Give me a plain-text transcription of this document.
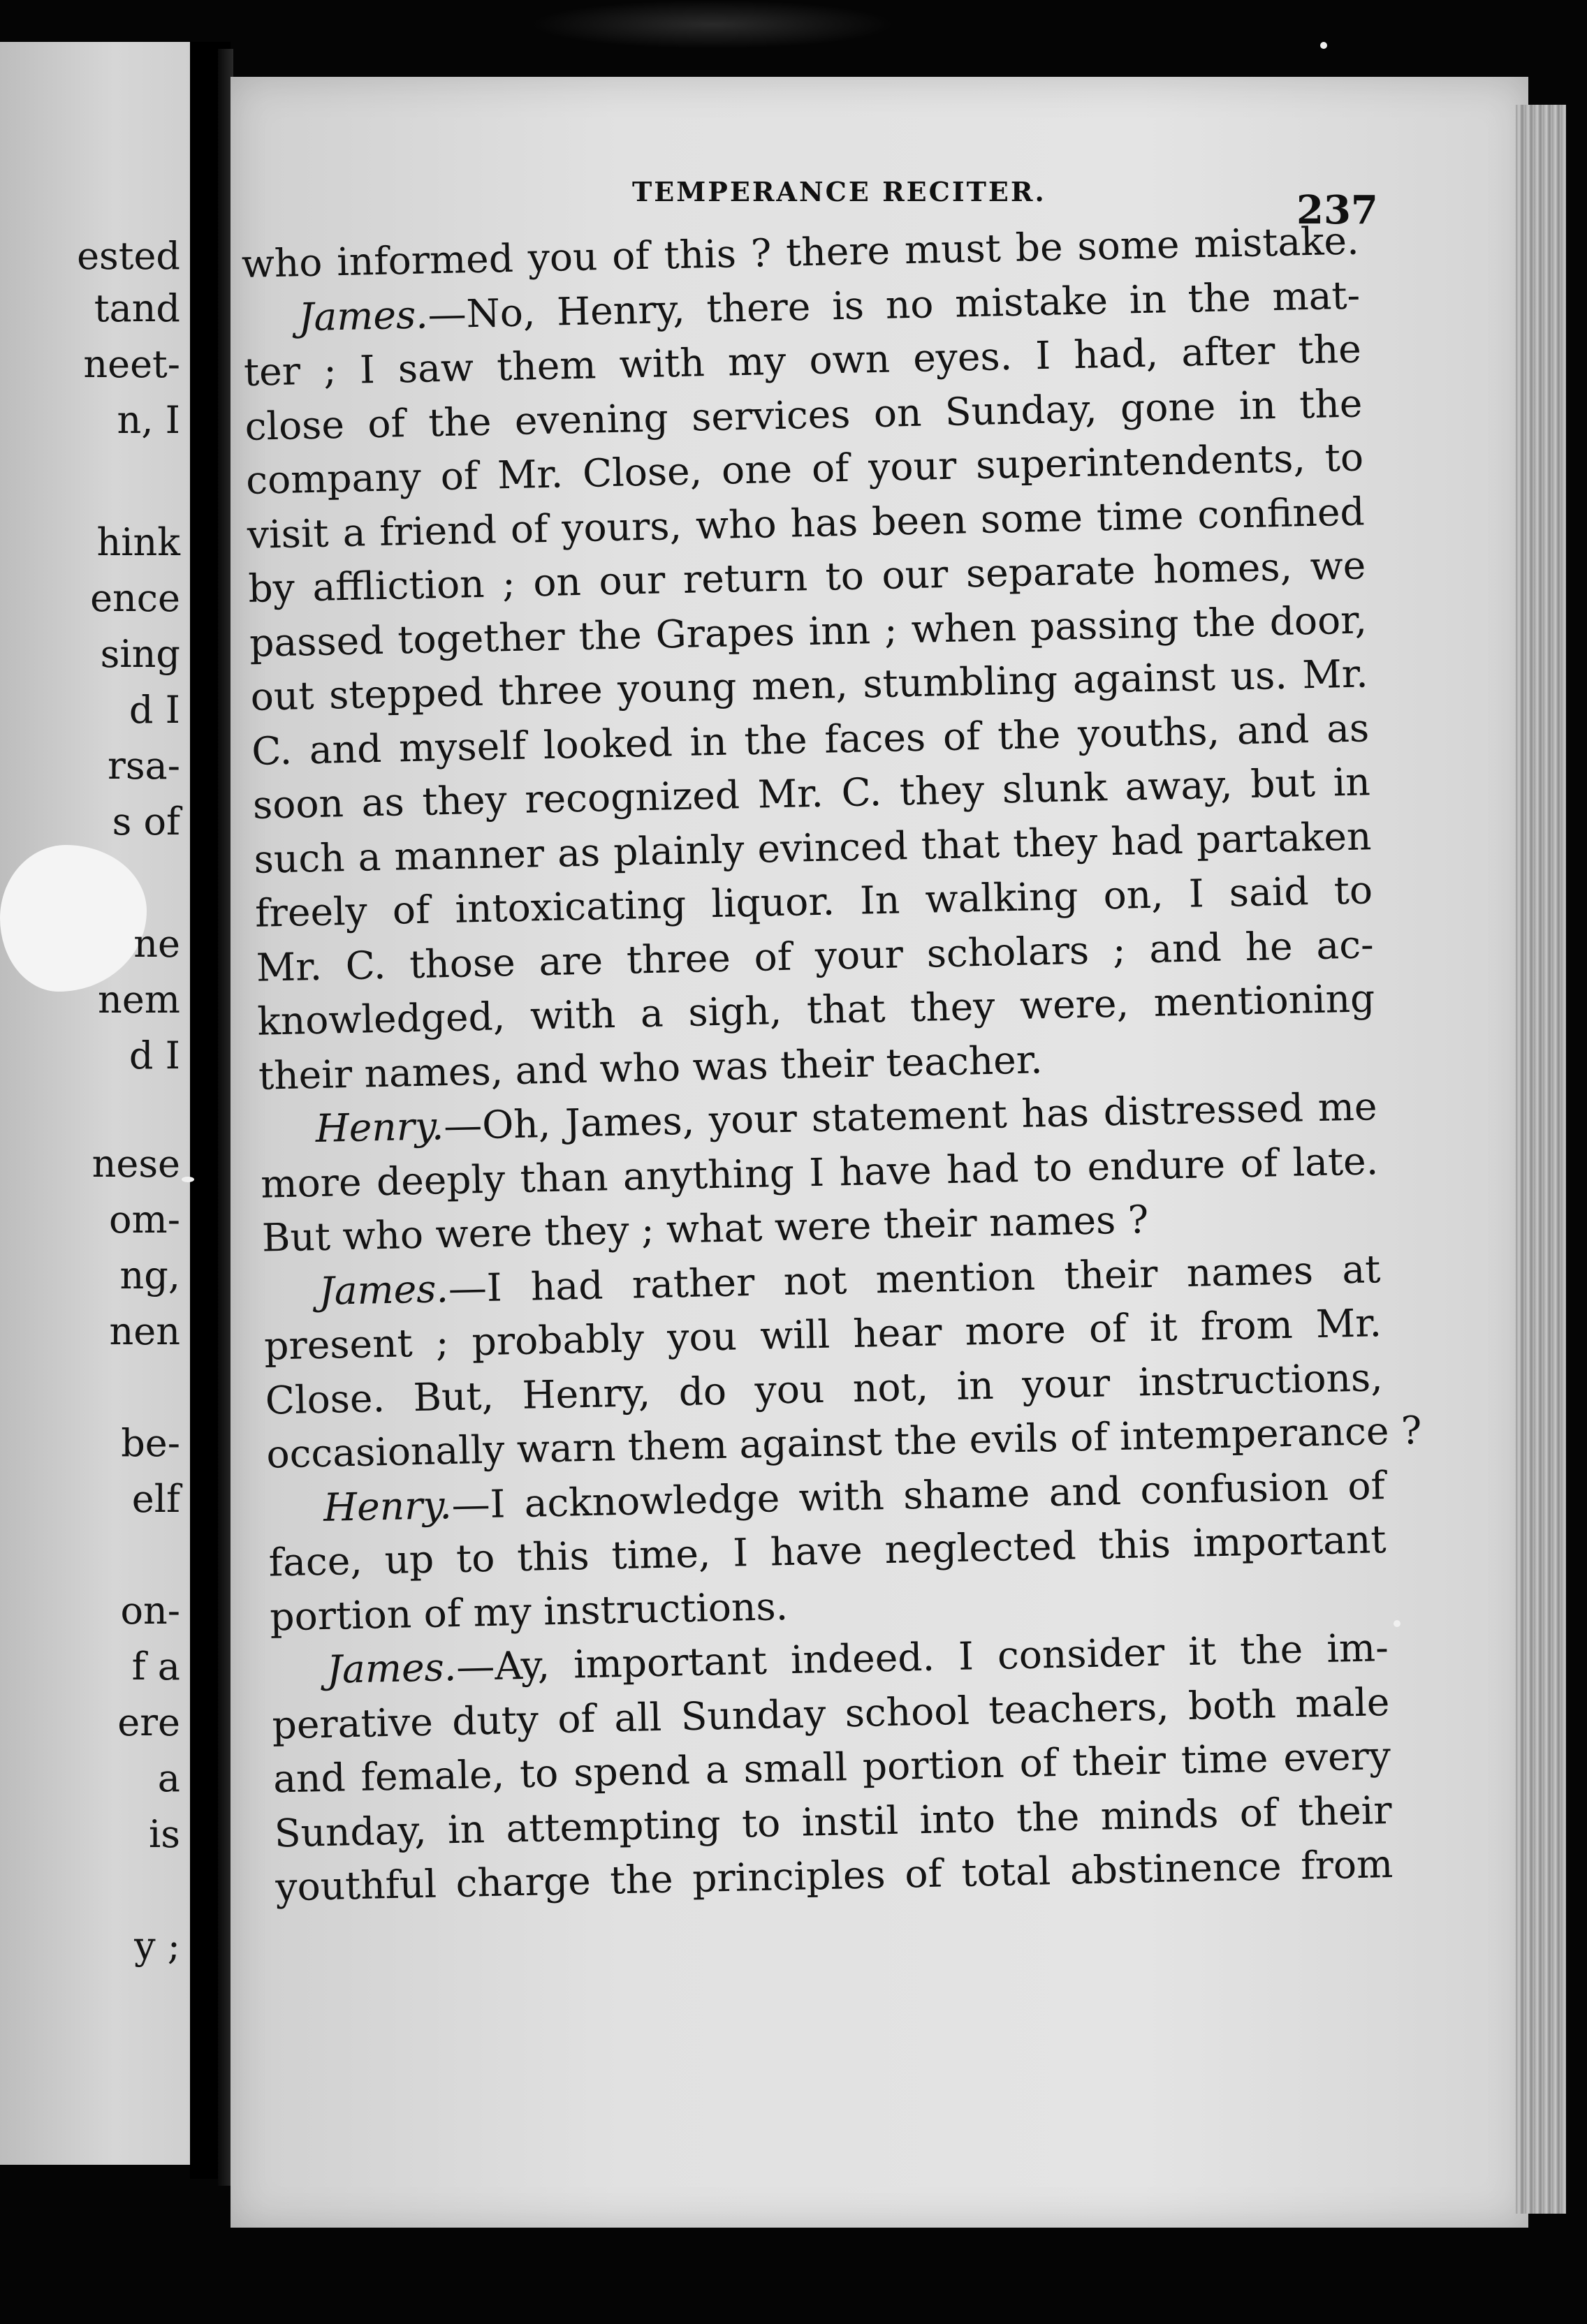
ested
tand
neet-
n, I
hink
ence
sing
d I
rsa-
s of
ne
nem
d I
nese
om-
ng,
nen
be-
elf
on-
f a
ere
a
is
y ;
TEMPERANCE RECITER.	237
who informed you of this ? there must be some mistake.
James.—No, Henry, there is no mistake in the mat-
ter ; I saw them with my own eyes. I had, after the
close of the evening services on Sunday, gone in the
company of Mr. Close, one of your superintendents, to
visit a friend of yours, who has been some time confined
by affliction ; on our return to our separate homes, we
passed together the Grapes inn ; when passing the door,
out stepped three young men, stumbling against us. Mr.
C. and myself looked in the faces of the youths, and as
soon as they recognized Mr. C. they slunk away, but in
such a manner as plainly evinced that they had partaken
freely of intoxicating liquor. In walking on, I said to
Mr. C. those are three of your scholars ; and he ac-
knowledged, with a sigh, that they were, mentioning
their names, and who was their teacher.
Henry.—Oh, James, your statement has distressed me
more deeply than anything I have had to endure of late.
But who were they ; what were their names ?
James.—I had rather not mention their names at
present ; probably you will hear more of it from Mr.
Close. But, Henry, do you not, in your instructions,
occasionally warn them against the evils of intemperance ?
Henry.—I acknowledge with shame and confusion of
face, up to this time, I have neglected this important
portion of my instructions.
James.—Ay, important indeed. I consider it the im-
perative duty of all Sunday school teachers, both male
and female, to spend a small portion of their time every
Sunday, in attempting to instil into the minds of their
youthful charge the principles of total abstinence from
